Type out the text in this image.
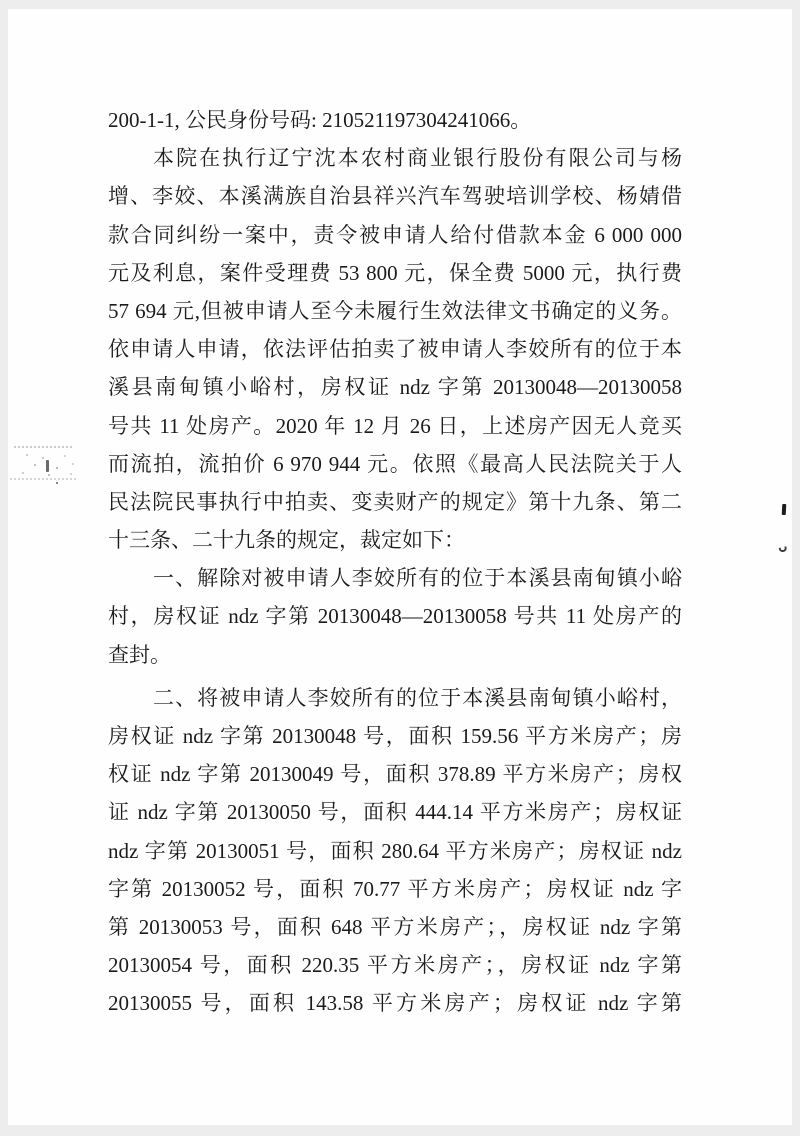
200-1-1, 公民身份号码: 210521197304241066。
本院在执行辽宁沈本农村商业银行股份有限公司与杨
增、李姣、本溪满族自治县祥兴汽车驾驶培训学校、杨婧借
款合同纠纷一案中，责令被申请人给付借款本金 6 000 000
元及利息，案件受理费 53 800 元，保全费 5000 元，执行费
57 694 元,但被申请人至今未履行生效法律文书确定的义务。
依申请人申请，依法评估拍卖了被申请人李姣所有的位于本
溪县南甸镇小峪村，房权证 ndz 字第 20130048—20130058
号共 11 处房产。2020 年 12 月 26 日，上述房产因无人竞买
而流拍，流拍价 6 970 944 元。依照《最高人民法院关于人
民法院民事执行中拍卖、变卖财产的规定》第十九条、第二
十三条、二十九条的规定，裁定如下：
一、解除对被申请人李姣所有的位于本溪县南甸镇小峪
村，房权证 ndz 字第 20130048—20130058 号共 11 处房产的
查封。
二、将被申请人李姣所有的位于本溪县南甸镇小峪村，
房权证 ndz 字第 20130048 号，面积 159.56 平方米房产；房
权证 ndz 字第 20130049 号，面积 378.89 平方米房产；房权
证 ndz 字第 20130050 号，面积 444.14 平方米房产；房权证
ndz 字第 20130051 号，面积 280.64 平方米房产；房权证 ndz
字第 20130052 号，面积 70.77 平方米房产；房权证 ndz 字
第 20130053 号，面积 648 平方米房产；，房权证 ndz 字第
20130054 号，面积 220.35 平方米房产；，房权证 ndz 字第
20130055 号，面积 143.58 平方米房产；房权证 ndz 字第
